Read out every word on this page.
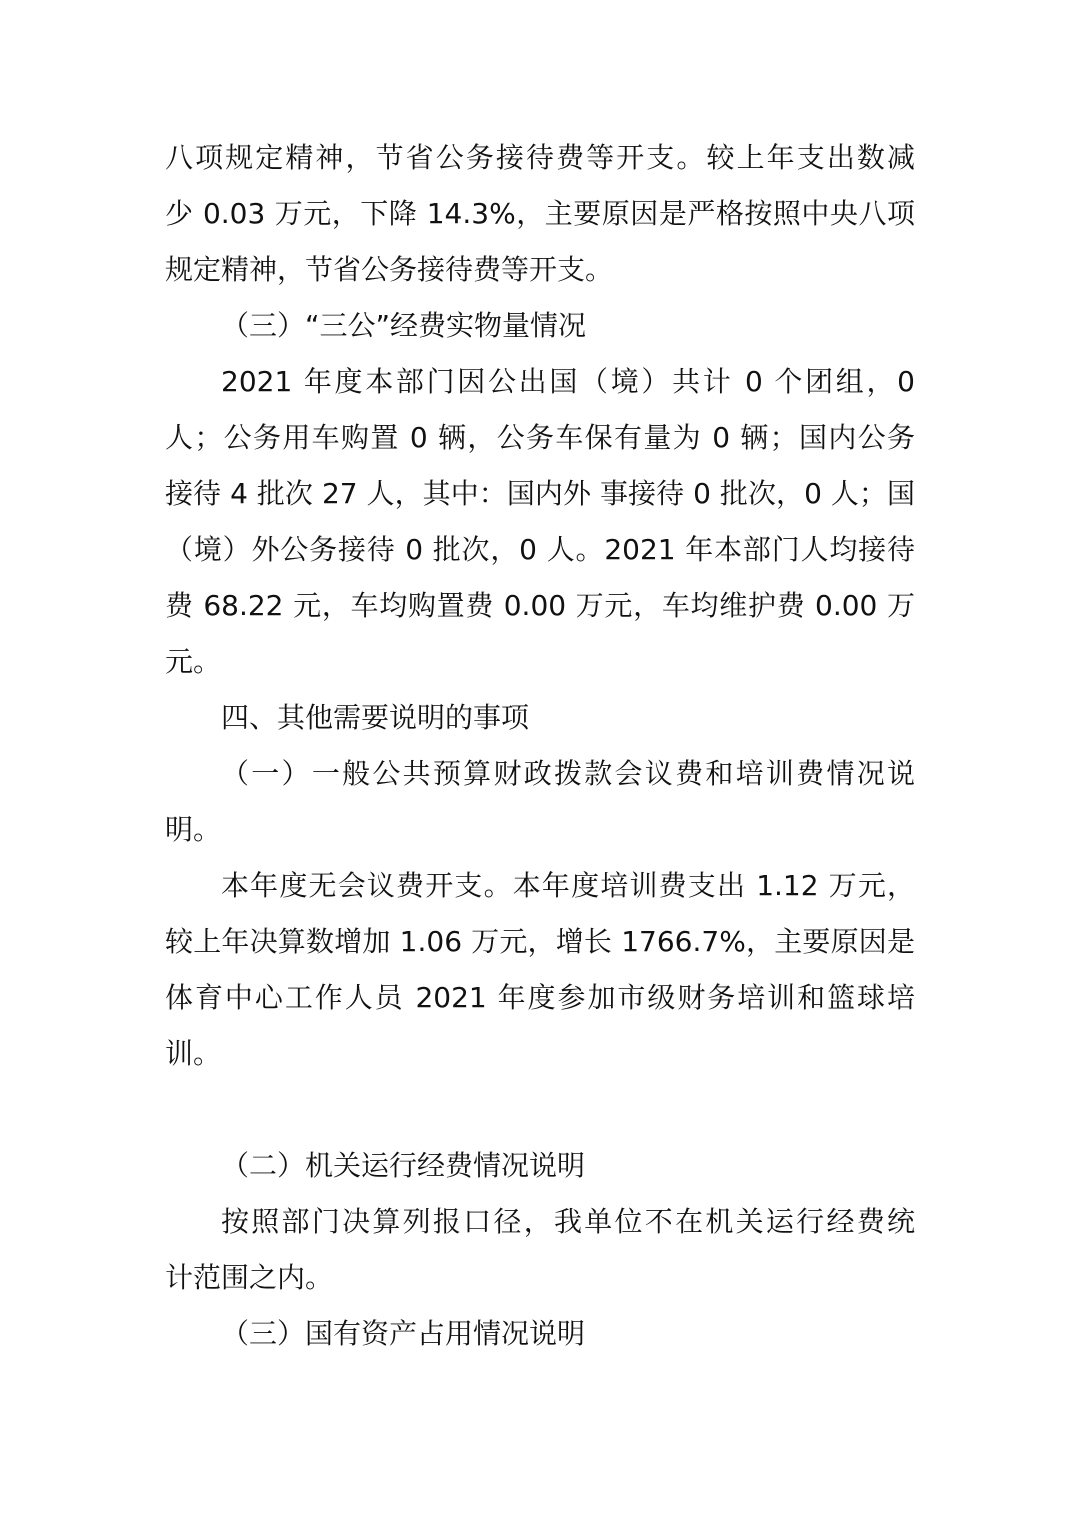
八项规定精神，节省公务接待费等开支。较上年支出数减
少 0.03 万元，下降 14.3%，主要原因是严格按照中央八项
规定精神，节省公务接待费等开支。
（三）“三公”经费实物量情况
2021 年度本部门因公出国（境）共计 0 个团组，0
人；公务用车购置 0 辆，公务车保有量为 0 辆；国内公务
接待 4 批次 27 人，其中：国内外 事接待 0 批次，0 人；国
（境）外公务接待 0 批次，0 人。2021 年本部门人均接待
费 68.22 元，车均购置费 0.00 万元，车均维护费 0.00 万
元。
四、其他需要说明的事项
（一）一般公共预算财政拨款会议费和培训费情况说
明。
本年度无会议费开支。本年度培训费支出 1.12 万元，
较上年决算数增加 1.06 万元，增长 1766.7%，主要原因是
体育中心工作人员 2021 年度参加市级财务培训和篮球培
训。
（二）机关运行经费情况说明
按照部门决算列报口径，我单位不在机关运行经费统
计范围之内。
（三）国有资产占用情况说明
